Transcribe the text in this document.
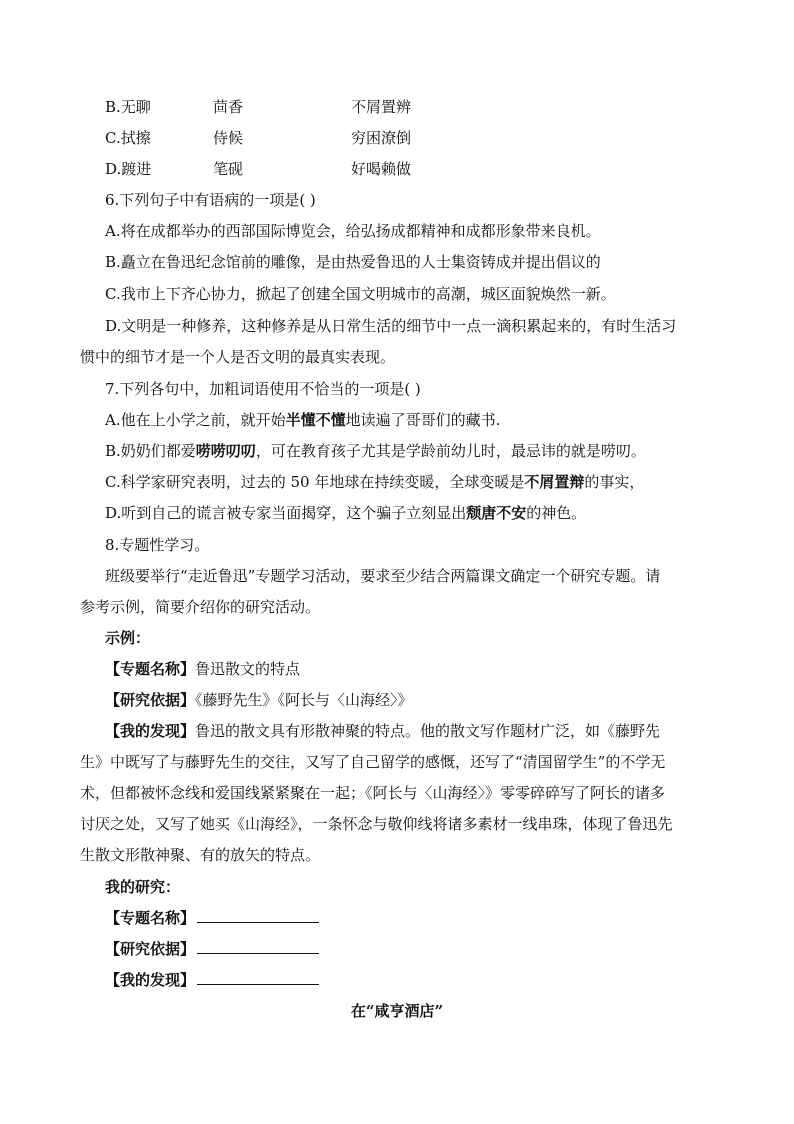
B.无聊	茴香	不屑置辨
C.拭擦	侍候	穷困潦倒
D.踱进	笔砚	好喝赖做
6.下列句子中有语病的一项是( )
A.将在成都举办的西部国际博览会，给弘扬成都精神和成都形象带来良机。
B.矗立在鲁迅纪念馆前的雕像，是由热爱鲁迅的人士集资铸成并提出倡议的
C.我市上下齐心协力，掀起了创建全国文明城市的高潮，城区面貌焕然一新。
D.文明是一种修养，这种修养是从日常生活的细节中一点一滴积累起来的，有时生活习
惯中的细节才是一个人是否文明的最真实表现。
7.下列各句中，加粗词语使用不恰当的一项是( )
A.他在上小学之前，就开始半懂不懂地读遍了哥哥们的藏书.
B.奶奶们都爱唠唠叨叨，可在教育孩子尤其是学龄前幼儿时，最忌讳的就是唠叨。
C.科学家研究表明，过去的 50 年地球在持续变暖，全球变暖是不屑置辩的事实，
D.听到自己的谎言被专家当面揭穿，这个骗子立刻显出颓唐不安的神色。
8.专题性学习。
班级要举行“走近鲁迅”专题学习活动，要求至少结合两篇课文确定一个研究专题。请
参考示例，简要介绍你的研究活动。
示例：
【专题名称】鲁迅散文的特点
【研究依据】《藤野先生》《阿长与〈山海经〉》
【我的发现】鲁迅的散文具有形散神聚的特点。他的散文写作题材广泛，如《藤野先
生》中既写了与藤野先生的交往，又写了自己留学的感慨，还写了“清国留学生”的不学无
术，但都被怀念线和爱国线紧紧聚在一起；《阿长与〈山海经〉》零零碎碎写了阿长的诸多
讨厌之处，又写了她买《山海经》，一条怀念与敬仰线将诸多素材一线串珠，体现了鲁迅先
生散文形散神聚、有的放矢的特点。
我的研究：
【专题名称】
【研究依据】
【我的发现】
在“咸亨酒店”
